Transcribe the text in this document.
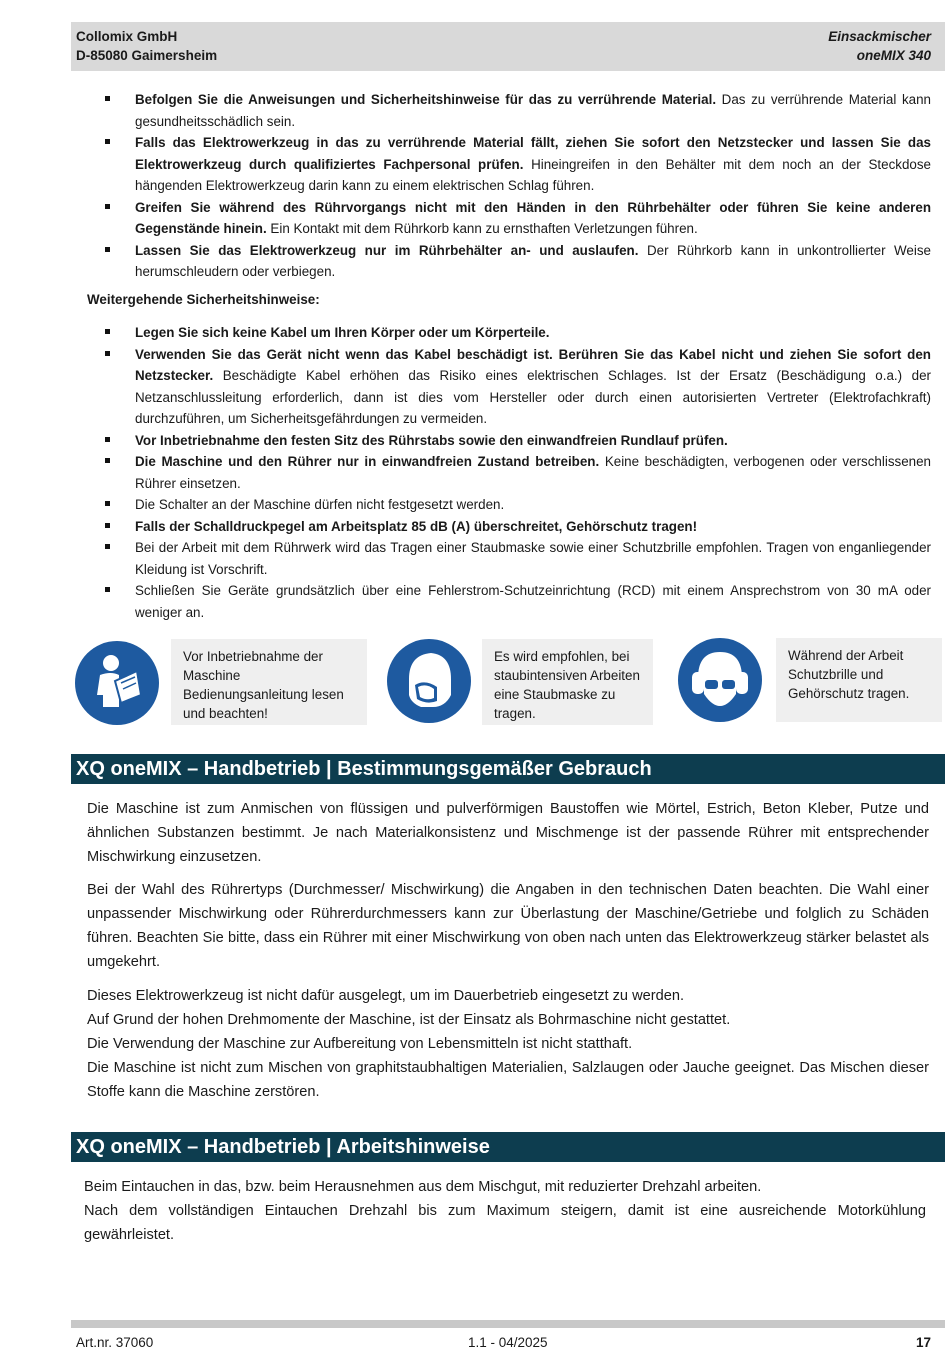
Collomix GmbH
D-85080 Gaimersheim
Einsackmischer
oneMIX 340
Befolgen Sie die Anweisungen und Sicherheitshinweise für das zu verrührende Material. Das zu verrührende Material kann gesundheitsschädlich sein.
Falls das Elektrowerkzeug in das zu verrührende Material fällt, ziehen Sie sofort den Netzstecker und lassen Sie das Elektrowerkzeug durch qualifiziertes Fachpersonal prüfen. Hineingreifen in den Behälter mit dem noch an der Steckdose hängenden Elektrowerkzeug darin kann zu einem elektrischen Schlag führen.
Greifen Sie während des Rührvorgangs nicht mit den Händen in den Rührbehälter oder führen Sie keine anderen Gegenstände hinein. Ein Kontakt mit dem Rührkorb kann zu ernsthaften Verletzungen führen.
Lassen Sie das Elektrowerkzeug nur im Rührbehälter an- und auslaufen. Der Rührkorb kann in unkontrollierter Weise herumschleudern oder verbiegen.
Weitergehende Sicherheitshinweise:
Legen Sie sich keine Kabel um Ihren Körper oder um Körperteile.
Verwenden Sie das Gerät nicht wenn das Kabel beschädigt ist. Berühren Sie das Kabel nicht und ziehen Sie sofort den Netzstecker. Beschädigte Kabel erhöhen das Risiko eines elektrischen Schlages. Ist der Ersatz (Beschädigung o.a.) der Netzanschlussleitung erforderlich, dann ist dies vom Hersteller oder durch einen autorisierten Vertreter (Elektrofachkraft) durchzuführen, um Sicherheitsgefährdungen zu vermeiden.
Vor Inbetriebnahme den festen Sitz des Rührstabs sowie den einwandfreien Rundlauf prüfen.
Die Maschine und den Rührer nur in einwandfreien Zustand betreiben. Keine beschädigten, verbogenen oder verschlissenen Rührer einsetzen.
Die Schalter an der Maschine dürfen nicht festgesetzt werden.
Falls der Schalldruckpegel am Arbeitsplatz 85 dB (A) überschreitet, Gehörschutz tragen!
Bei der Arbeit mit dem Rührwerk wird das Tragen einer Staubmaske sowie einer Schutzbrille empfohlen. Tragen von enganliegender Kleidung ist Vorschrift.
Schließen Sie Geräte grundsätzlich über eine Fehlerstrom-Schutzeinrichtung (RCD) mit einem Ansprechstrom von 30 mA oder weniger an.
Vor Inbetriebnahme der Maschine Bedienungsanleitung lesen und beachten!
Es wird empfohlen, bei staubintensiven Arbeiten eine Staubmaske zu tragen.
Während der Arbeit Schutzbrille und Gehörschutz tragen.
XQ oneMIX – Handbetrieb | Bestimmungsgemäßer Gebrauch

Die Maschine ist zum Anmischen von flüssigen und pulverförmigen Baustoffen wie Mörtel, Estrich, Beton Kleber, Putze und ähnlichen Substanzen bestimmt. Je nach Materialkonsistenz und Mischmenge ist der passende Rührer mit entsprechender Mischwirkung einzusetzen.

Bei der Wahl des Rührertyps (Durchmesser/ Mischwirkung) die Angaben in den technischen Daten beachten. Die Wahl einer unpassender Mischwirkung oder Rührerdurchmessers kann zur Überlastung der Maschine/Getriebe und folglich zu Schäden führen. Beachten Sie bitte, dass ein Rührer mit einer Mischwirkung von oben nach unten das Elektrowerkzeug stärker belastet als umgekehrt.

Dieses Elektrowerkzeug ist nicht dafür ausgelegt, um im Dauerbetrieb eingesetzt zu werden.
Auf Grund der hohen Drehmomente der Maschine, ist der Einsatz als Bohrmaschine nicht gestattet.
Die Verwendung der Maschine zur Aufbereitung von Lebensmitteln ist nicht statthaft.
Die Maschine ist nicht zum Mischen von graphitstaubhaltigen Materialien, Salzlaugen oder Jauche geeignet. Das Mischen dieser Stoffe kann die Maschine zerstören.
XQ oneMIX – Handbetrieb | Arbeitshinweise
Beim Eintauchen in das, bzw. beim Herausnehmen aus dem Mischgut, mit reduzierter Drehzahl arbeiten.
Nach dem vollständigen Eintauchen Drehzahl bis zum Maximum steigern, damit ist eine ausreichende Motorkühlung gewährleistet.
Art.nr. 37060	1.1 - 04/2025	17
